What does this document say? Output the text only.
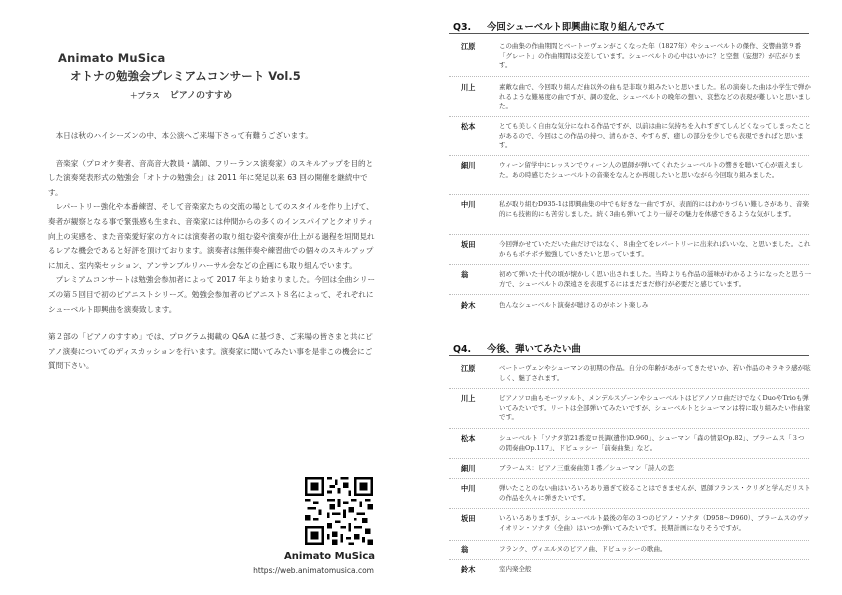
Animato MuSica
オトナの勉強会プレミアムコンサート Vol.5
＋プラス ピアノのすすめ

本日は秋のハイシーズンの中、本公演へご来場下さって有難うございます。

音楽家（プロオケ奏者、音高音大教員・講師、フリーランス演奏家）のスキルアップを目的とした演奏発表形式の勉強会「オトナの勉強会」は 2011 年に発足以来 63 回の開催を継続中です。

レパートリー強化や本番練習、そして音楽家たちの交流の場としてのスタイルを作り上げて、奏者が観察となる事で緊張感も生まれ、音楽家には仲間からの多くのインスパイアとクオリティ向上の実感を、また音楽愛好家の方々には演奏者の取り組む姿や演奏が仕上がる過程を垣間見れるレアな機会であると好評を頂けております。演奏者は無伴奏や練習曲での個々のスキルアップに加え、室内楽セッション、アンサンブルリハーサル会などの企画にも取り組んでいます。

プレミアムコンサートは勉強会参加者によって 2017 年より始まりました。今回は全曲シリーズの第５回目で初のピアニストシリーズ。勉強会参加者のピアニスト８名によって、それぞれにシューベルト即興曲を演奏致します。

第２部の「ピアノのすすめ」では、プログラム掲載の Q&A に基づき、ご来場の皆さまと共にピアノ演奏についてのディスカッションを行います。演奏家に聞いてみたい事を是非この機会にご質問下さい。

Animato MuSica
https://web.animatomusica.com
Q3. 今回シューベルト即興曲に取り組んでみて
江原	この曲集の作曲期間とベートーヴェンがこくなった年（1827年）やシューベルトの傑作、交響曲第９番「グレート」の作曲期間は交差しています。シューベルトの心中はいかに？と空想（妄想?）が広がります。
川上	素敵な曲で、今回取り組んだ曲以外の曲も是非取り組みたいと思いました。私の演奏した曲は小学生で弾かれるような難易度の曲ですが、調の変化、シューベルトの晩年の想い、哀愁などの表現が難しいと思いました。
松本	とても美しく自由な気分になれる作品ですが、以前は曲に気持ちを入れすぎてしんどくなってしまったことがあるので、今回はこの作品の持つ、清らかさ、やすらぎ、癒しの部分を少しでも表現できればと思います。
細川	ウィーン留学中にレッスンでウィーン人の恩師が弾いてくれたシューベルトの響きを聴いて心が震えました。あの時感じたシューベルトの音楽をなんとか再現したいと思いながら今回取り組みました。
中川	私が取り組むD935-1は即興曲集の中でも好きな一曲ですが、表面的にはわかりづらい難しさがあり、音楽的にも技術的にも苦労しました。続く3曲も弾いてより一層その魅力を体感できるような気がします。
坂田	今回弾かせていただいた曲だけではなく、８曲全てをレパートリーに出来ればいいな、と思いました。これからもボチボチ勉強していきたいと思っています。
翁	初めて弾いた十代の頃が懐かしく思い出されました。当時よりも作品の滋味がわかるようになったと思う一方で、シューベルトの深遠さを表現するにはまだまだ修行が必要だと感じています。
鈴木	色んなシューベルト演奏が聴けるのがホント楽しみ
Q4. 今後、弾いてみたい曲
江原	ベートーヴェンやシューマンの初期の作品。自分の年齢があがってきたせいか、若い作品のキラキラ感が眩しく、魅了されます。
川上	ピアノソロ曲もモーツァルト、メンデルスゾーンやシューベルトはピアノソロ曲だけでなくDuoやTrioも弾いてみたいです。リートは全部弾いてみたいですが、シューベルトとシューマンは特に取り組みたい作曲家です。
松本	シューベルト「ソナタ第21番変ロ長調(遺作)D.960」、シューマン「森の情景Op.82」、ブラームス「３つの間奏曲Op.117」、ドビュッシー「前奏曲集」など。
細川	ブラームス：ピアノ三重奏曲第１番／シューマン「詩人の恋
中川	弾いたことのない曲はいろいろあり過ぎて絞ることはできませんが、恩師フランス・クリダと学んだリストの作品を久々に弾きたいです。
坂田	いろいろありますが、シューベルト最後の年の３つのピアノ・ソナタ（D958〜D960）、ブラームスのヴァイオリン・ソナタ（全曲）はいつか弾いてみたいです。長期計画になりそうですが。
翁	フランク、ヴィエルヌのピアノ曲、ドビュッシーの歌曲。
鈴木	室内楽全般
